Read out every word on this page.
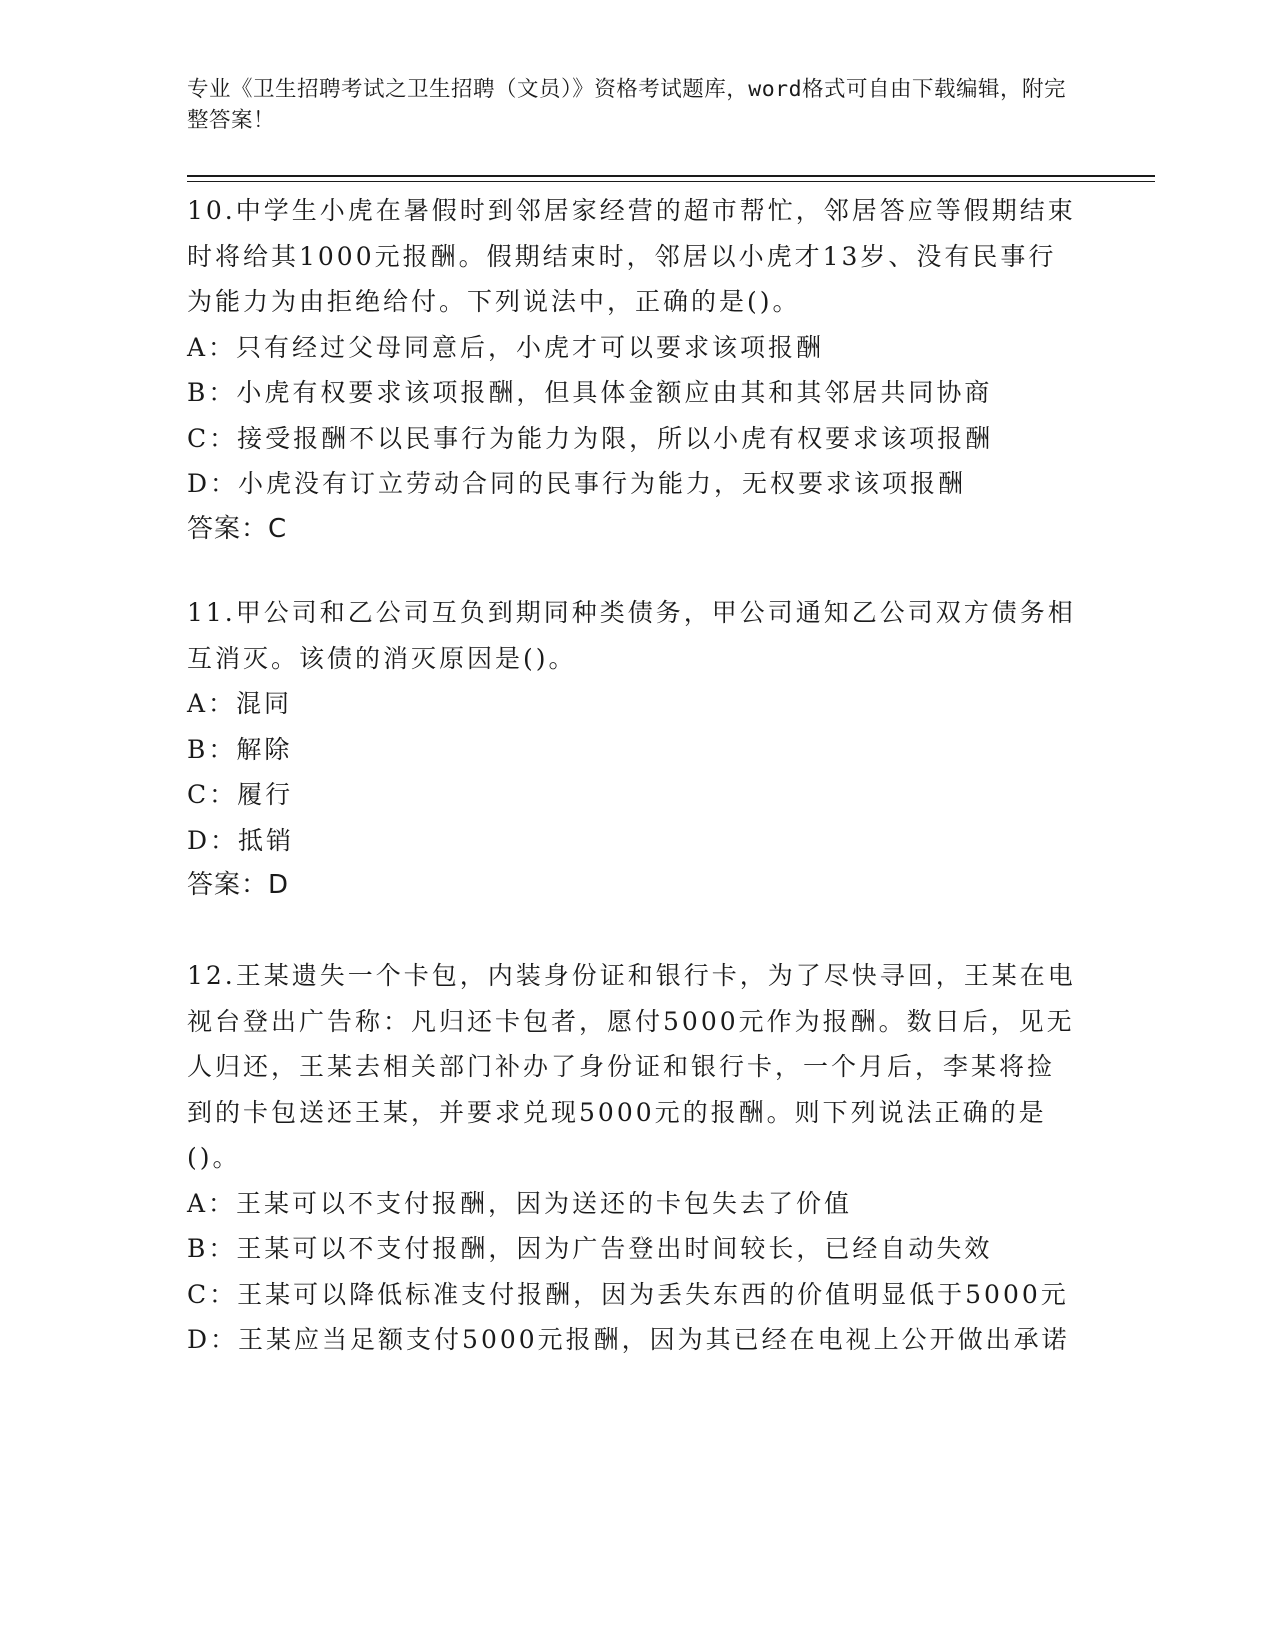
专业《卫生招聘考试之卫生招聘（文员）》资格考试题库，word格式可自由下载编辑，附完整答案！

10.中学生小虎在暑假时到邻居家经营的超市帮忙，邻居答应等假期结束时将给其1000元报酬。假期结束时，邻居以小虎才13岁、没有民事行为能力为由拒绝给付。下列说法中，正确的是()。

A：只有经过父母同意后，小虎才可以要求该项报酬

B：小虎有权要求该项报酬，但具体金额应由其和其邻居共同协商

C：接受报酬不以民事行为能力为限，所以小虎有权要求该项报酬

D：小虎没有订立劳动合同的民事行为能力，无权要求该项报酬

答案：C

11.甲公司和乙公司互负到期同种类债务，甲公司通知乙公司双方债务相互消灭。该债的消灭原因是()。

A：混同

B：解除

C：履行

D：抵销

答案：D

12.王某遗失一个卡包，内装身份证和银行卡，为了尽快寻回，王某在电视台登出广告称：凡归还卡包者，愿付5000元作为报酬。数日后，见无人归还，王某去相关部门补办了身份证和银行卡，一个月后，李某将捡到的卡包送还王某，并要求兑现5000元的报酬。则下列说法正确的是()。

A：王某可以不支付报酬，因为送还的卡包失去了价值

B：王某可以不支付报酬，因为广告登出时间较长，已经自动失效

C：王某可以降低标准支付报酬，因为丢失东西的价值明显低于5000元

D：王某应当足额支付5000元报酬，因为其已经在电视上公开做出承诺
